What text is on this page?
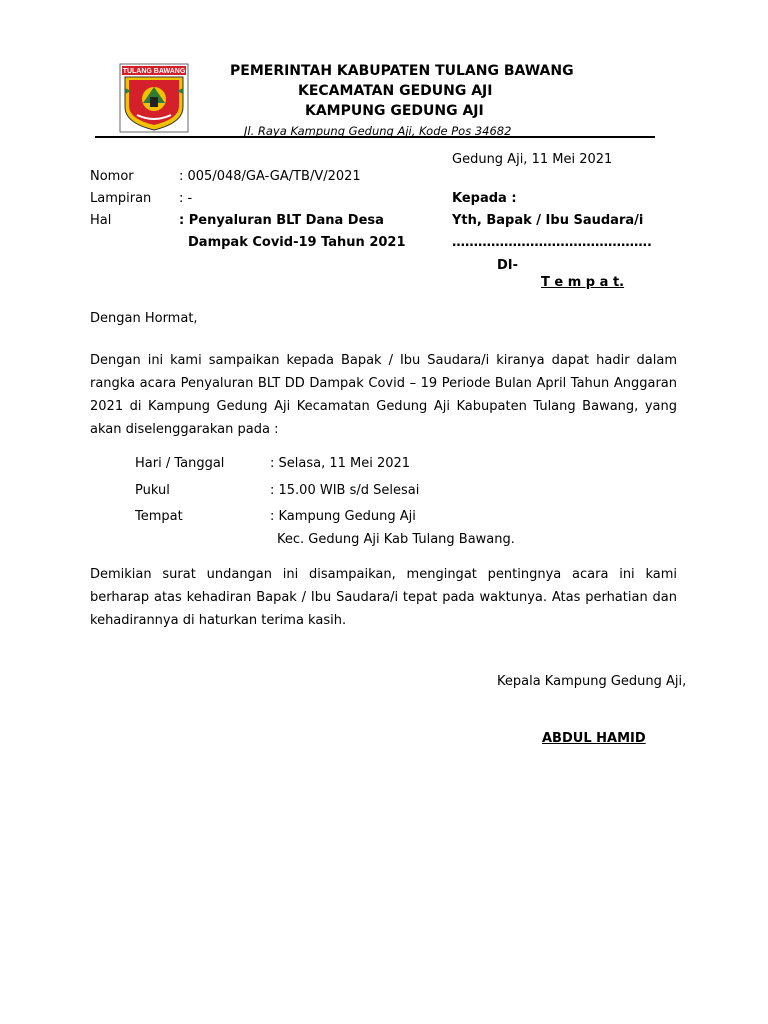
TULANG BAWANG	PEMERINTAH KABUPATEN TULANG BAWANG
KECAMATAN GEDUNG AJI
KAMPUNG GEDUNG AJI
Jl. Raya Kampung Gedung Aji, Kode Pos 34682
Gedung Aji, 11 Mei 2021
Nomor	: 005/048/GA-GA/TB/V/2021
Lampiran : -
Hal	: Penyaluran BLT Dana Desa
Dampak Covid-19 Tahun 2021
Kepada :
Yth, Bapak / Ibu Saudara/i
……………………………………….
DI-
T e m p a t.
Dengan Hormat,
Dengan ini kami sampaikan kepada Bapak / Ibu Saudara/i kiranya dapat hadir dalam rangka acara Penyaluran BLT DD Dampak Covid – 19 Periode Bulan April Tahun Anggaran 2021 di Kampung Gedung Aji Kecamatan Gedung Aji Kabupaten Tulang Bawang, yang akan diselenggarakan pada :
Hari / Tanggal	: Selasa, 11 Mei 2021
Pukul	: 15.00 WIB s/d Selesai
Tempat	: Kampung Gedung Aji
Kec. Gedung Aji Kab Tulang Bawang.
Demikian surat undangan ini disampaikan, mengingat pentingnya acara ini kami berharap atas kehadiran Bapak / Ibu Saudara/i tepat pada waktunya. Atas perhatian dan kehadirannya di haturkan terima kasih.
Kepala Kampung Gedung Aji,
ABDUL HAMID
